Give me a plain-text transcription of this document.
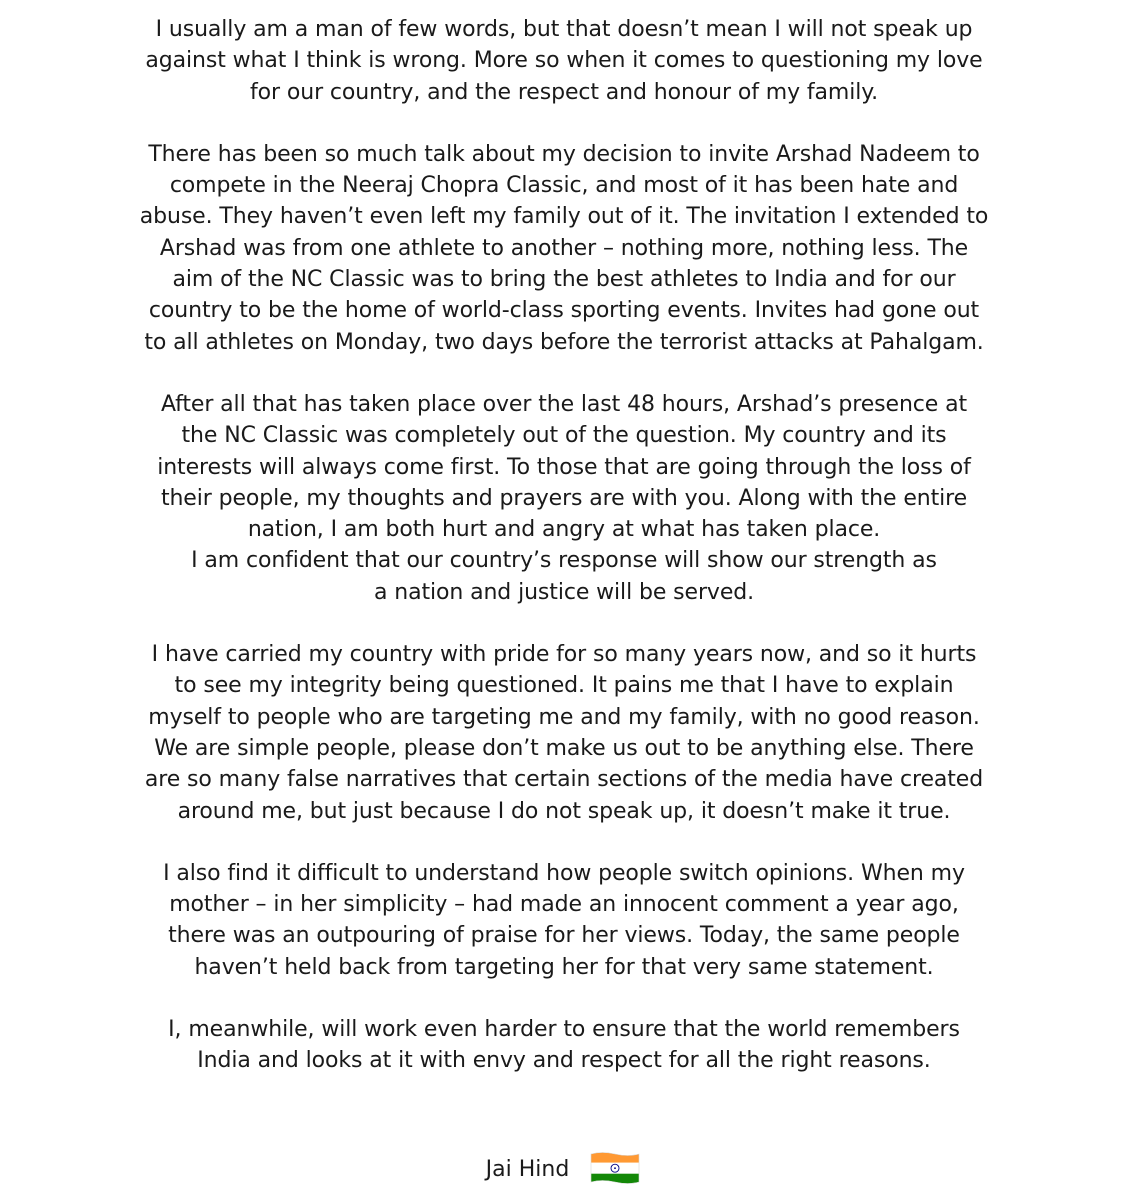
I usually am a man of few words, but that doesn’t mean I will not speak up
against what I think is wrong. More so when it comes to questioning my love
for our country, and the respect and honour of my family.

There has been so much talk about my decision to invite Arshad Nadeem to
compete in the Neeraj Chopra Classic, and most of it has been hate and
abuse. They haven’t even left my family out of it. The invitation I extended to
Arshad was from one athlete to another – nothing more, nothing less. The
aim of the NC Classic was to bring the best athletes to India and for our
country to be the home of world-class sporting events. Invites had gone out
to all athletes on Monday, two days before the terrorist attacks at Pahalgam.

After all that has taken place over the last 48 hours, Arshad’s presence at
the NC Classic was completely out of the question. My country and its
interests will always come first. To those that are going through the loss of
their people, my thoughts and prayers are with you. Along with the entire
nation, I am both hurt and angry at what has taken place.
I am confident that our country’s response will show our strength as
a nation and justice will be served.

I have carried my country with pride for so many years now, and so it hurts
to see my integrity being questioned. It pains me that I have to explain
myself to people who are targeting me and my family, with no good reason.
We are simple people, please don’t make us out to be anything else. There
are so many false narratives that certain sections of the media have created
around me, but just because I do not speak up, it doesn’t make it true.

I also find it difficult to understand how people switch opinions. When my
mother – in her simplicity – had made an innocent comment a year ago,
there was an outpouring of praise for her views. Today, the same people
haven’t held back from targeting her for that very same statement.

I, meanwhile, will work even harder to ensure that the world remembers
India and looks at it with envy and respect for all the right reasons.

Jai Hind
